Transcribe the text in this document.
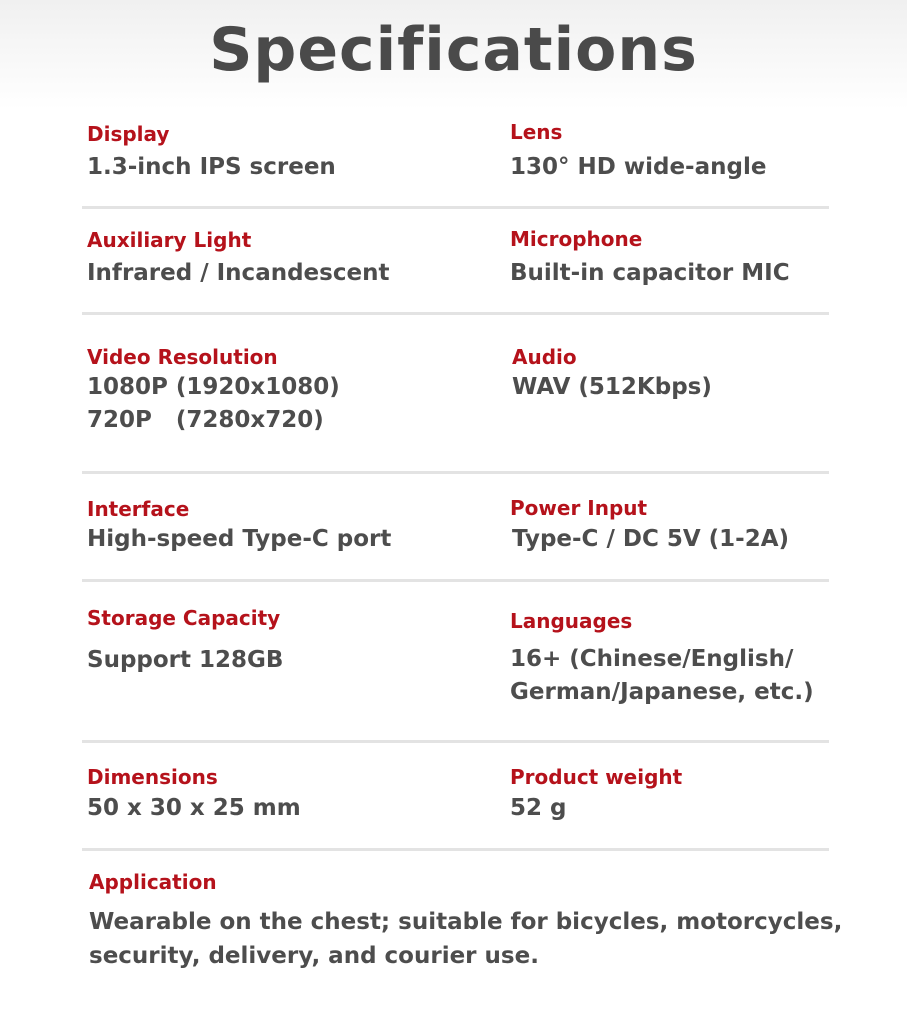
Specifications
Display
1.3-inch IPS screen
Lens
130° HD wide-angle
Auxiliary Light
Infrared / Incandescent
Microphone
Built-in capacitor MIC
Video Resolution
1080P (1920x1080)
720P   (7280x720)
Audio
WAV (512Kbps)
Interface
High-speed Type-C port
Power Input
Type-C / DC 5V (1-2A)
Storage Capacity
Support 128GB
Languages
16+ (Chinese/English/
German/Japanese, etc.)
Dimensions
50 x 30 x 25 mm
Product weight
52 g
Application
Wearable on the chest; suitable for bicycles, motorcycles,
security, delivery, and courier use.
